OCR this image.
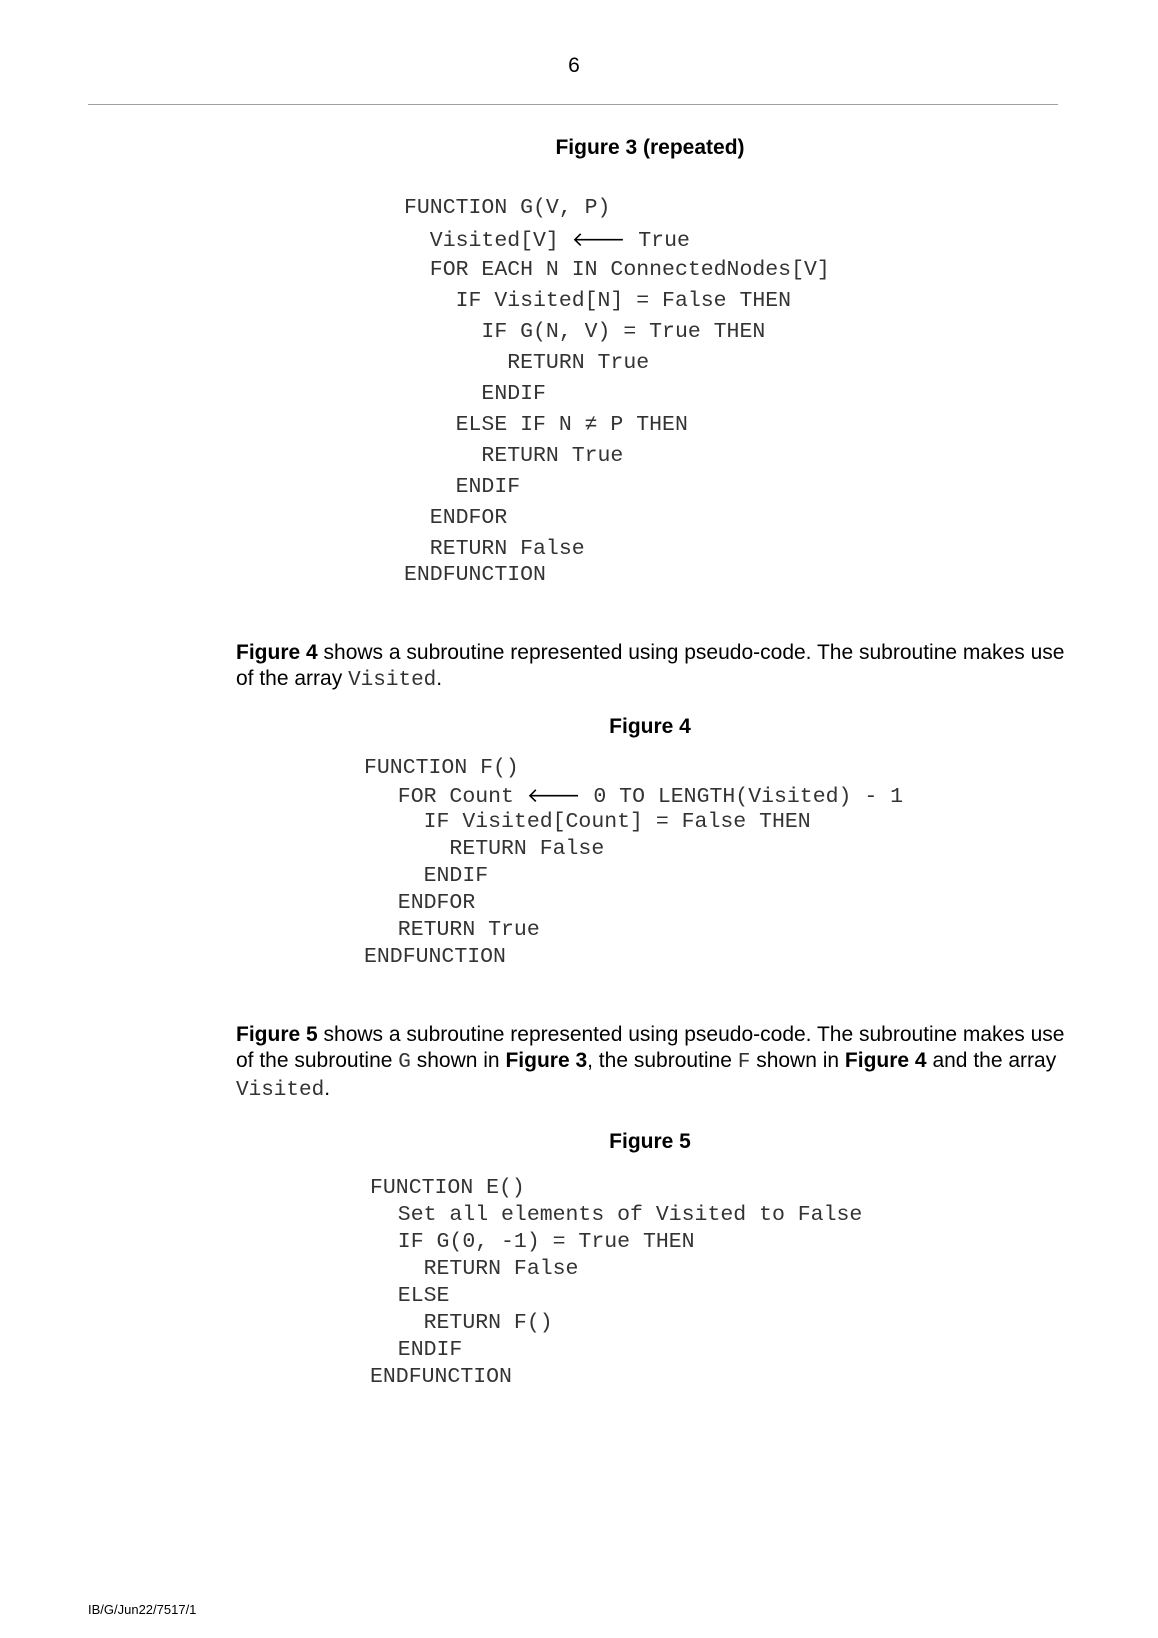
6
Figure 3 (repeated)

FUNCTION G(V, P)

Visited[V] 🡐 True

FOR EACH N IN ConnectedNodes[V]

IF Visited[N] = False THEN

IF G(N, V) = True THEN

RETURN True

ENDIF

ELSE IF N ≠ P THEN

RETURN True

ENDIF

ENDFOR

RETURN False

ENDFUNCTION

Figure 4 shows a subroutine represented using pseudo-code. The subroutine makes use of the array Visited.
Figure 4

FUNCTION F()

FOR Count 🡐 0 TO LENGTH(Visited) - 1

IF Visited[Count] = False THEN

RETURN False

ENDIF

ENDFOR

RETURN True

ENDFUNCTION

Figure 5 shows a subroutine represented using pseudo-code. The subroutine makes use of the subroutine G shown in Figure 3, the subroutine F shown in Figure 4 and the array Visited.
Figure 5

FUNCTION E()

Set all elements of Visited to False

IF G(0, -1) = True THEN

RETURN False

ELSE

RETURN F()

ENDIF

ENDFUNCTION

IB/G/Jun22/7517/1
